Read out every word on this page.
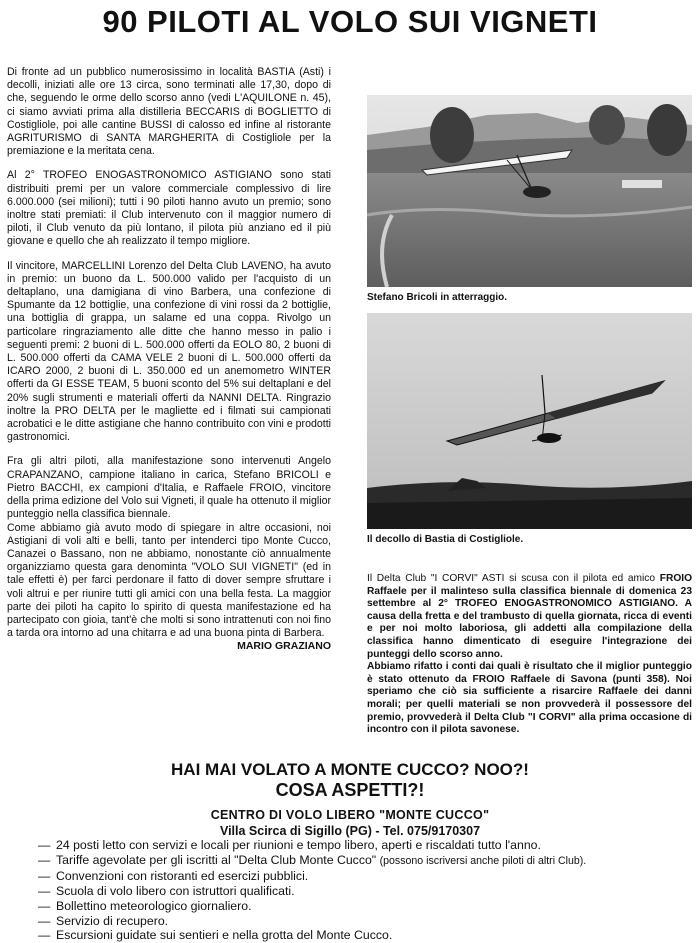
90 PILOTI AL VOLO SUI VIGNETI

Di fronte ad un pubblico numerosissimo in località BASTIA (Asti) i decolli, iniziati alle ore 13 circa, sono terminati alle 17,30, dopo di che, seguendo le orme dello scorso anno (vedi L'AQUILONE n. 45), ci siamo avviati prima alla distilleria BECCARIS di BOGLIETTO di Costigliole, poi alle cantine BUSSI di calosso ed infine al ristorante AGRITURISMO di SANTA MARGHERITA di Costigliole per la premiazione e la meritata cena.

Al 2° TROFEO ENOGASTRONOMICO ASTIGIANO sono stati distribuiti premi per un valore commerciale complessivo di lire 6.000.000 (sei milioni); tutti i 90 piloti hanno avuto un premio; sono inoltre stati premiati: il Club intervenuto con il maggior numero di piloti, il Club venuto da più lontano, il pilota più anziano ed il più giovane e quello che ah realizzato il tempo migliore.

Il vincitore, MARCELLINI Lorenzo del Delta Club LAVENO, ha avuto in premio: un buono da L. 500.000 valido per l'acquisto di un deltaplano, una damigiana di vino Barbera, una confezione di Spumante da 12 bottiglie, una confezione di vini rossi da 2 bottiglie, una bottiglia di grappa, un salame ed una coppa. Rivolgo un particolare ringraziamento alle ditte che hanno messo in palio i seguenti premi: 2 buoni di L. 500.000 offerti da EOLO 80, 2 buoni di L. 500.000 offerti da CAMA VELE 2 buoni di L. 500.000 offerti da ICARO 2000, 2 buoni di L. 350.000 ed un anemometro WINTER offerti da GI ESSE TEAM, 5 buoni sconto del 5% sui deltaplani e del 20% sugli strumenti e materiali offerti da NANNI DELTA. Ringrazio inoltre la PRO DELTA per le magliette ed i filmati sui campionati acrobatici e le ditte astigiane che hanno contribuito con vini e prodotti gastronomici.

Fra gli altri piloti, alla manifestazione sono intervenuti Angelo CRAPANZANO, campione italiano in carica, Stefano BRICOLI e Pietro BACCHI, ex campioni d'Italia, e Raffaele FROIO, vincitore della prima edizione del Volo sui Vigneti, il quale ha ottenuto il miglior punteggio nella classifica biennale.

Come abbiamo già avuto modo di spiegare in altre occasioni, noi Astigiani di voli alti e belli, tanto per intenderci tipo Monte Cucco, Canazei o Bassano, non ne abbiamo, nonostante ciò annualmente organizziamo questa gara denominta "VOLO SUI VIGNETI" (ed in tale effetti è) per farci perdonare il fatto di dover sempre sfruttare i voli altrui e per riunire tutti gli amici con una bella festa. La maggior parte dei piloti ha capito lo spirito di questa manifestazione ed ha partecipato con gioia, tant'è che molti si sono intrattenuti con noi fino a tarda ora intorno ad una chitarra e ad una buona pinta di Barbera.

MARIO GRAZIANO

Stefano Bricoli in atterraggio.

Il decollo di Bastia di Costigliole.

Il Delta Club "I CORVI" ASTI si scusa con il pilota ed amico FROIO Raffaele per il malinteso sulla classifica biennale di domenica 23 settembre al 2° TROFEO ENOGASTRONOMICO ASTIGIANO. A causa della fretta e del trambusto di quella giornata, ricca di eventi e per noi molto laboriosa, gli addetti alla compilazione della classifica hanno dimenticato di eseguire l'integrazione dei punteggi dello scorso anno.

Abbiamo rifatto i conti dai quali è risultato che il miglior punteggio è stato ottenuto da FROIO Raffaele di Savona (punti 358). Noi speriamo che ciò sia sufficiente a risarcire Raffaele dei danni morali; per quelli materiali se non provvederà il possessore del premio, provvederà il Delta Club "I CORVI" alla prima occasione di incontro con il pilota savonese.

HAI MAI VOLATO A MONTE CUCCO? NOO?!

COSA ASPETTI?!

CENTRO DI VOLO LIBERO "MONTE CUCCO"

Villa Scirca di Sigillo (PG) - Tel. 075/9170307

— 24 posti letto con servizi e locali per riunioni e tempo libero, aperti e riscaldati tutto l'anno.
— Tariffe agevolate per gli iscritti al "Delta Club Monte Cucco" (possono iscriversi anche piloti di altri Club).
— Convenzioni con ristoranti ed esercizi pubblici.
— Scuola di volo libero con istruttori qualificati.
— Bollettino meteorologico giornaliero.
— Servizio di recupero.
— Escursioni guidate sui sentieri e nella grotta del Monte Cucco.
